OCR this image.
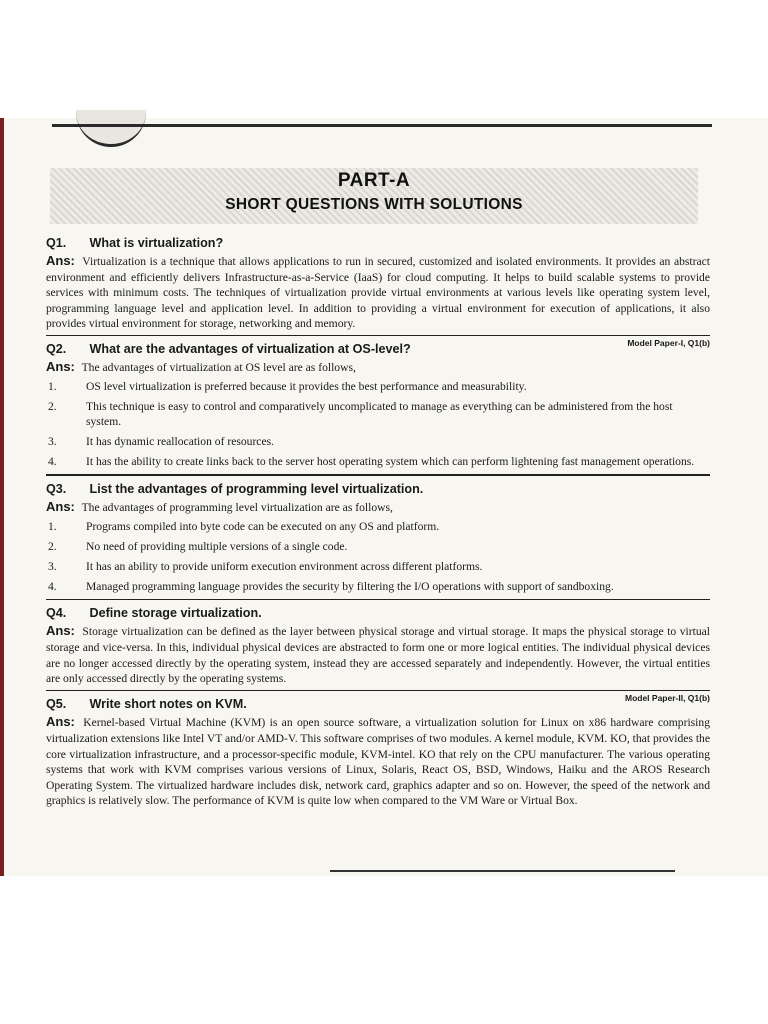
PART-A
SHORT QUESTIONS WITH SOLUTIONS
Q1. What is virtualization?

Ans: Virtualization is a technique that allows applications to run in secured, customized and isolated environments. It provides an abstract environment and efficiently delivers Infrastructure-as-a-Service (IaaS) for cloud computing. It helps to build scalable systems to provide services with minimum costs. The techniques of virtualization provide virtual environments at various levels like operating system level, programming language level and application level. In addition to providing a virtual environment for execution of applications, it also provides virtual environment for storage, networking and memory.

Q2. What are the advantages of virtualization at OS-level?	Model Paper-I, Q1(b)
Ans: The advantages of virtualization at OS level are as follows,
1.	OS level virtualization is preferred because it provides the best performance and measurability.
2.	This technique is easy to control and comparatively uncomplicated to manage as everything can be administered from the host system.
3.	It has dynamic reallocation of resources.
4.	It has the ability to create links back to the server host operating system which can perform lightening fast management operations.
Q3. List the advantages of programming level virtualization.
Ans: The advantages of programming level virtualization are as follows,
1.	Programs compiled into byte code can be executed on any OS and platform.
2.	No need of providing multiple versions of a single code.
3.	It has an ability to provide uniform execution environment across different platforms.
4.	Managed programming language provides the security by filtering the I/O operations with support of sandboxing.
Q4. Define storage virtualization.

Ans: Storage virtualization can be defined as the layer between physical storage and virtual storage. It maps the physical storage to virtual storage and vice-versa. In this, individual physical devices are abstracted to form one or more logical entities. The individual physical devices are no longer accessed directly by the operating system, instead they are accessed separately and independently. However, the virtual entities are only accessed directly by the operating systems.

Q5. Write short notes on KVM.	Model Paper-II, Q1(b)

Ans: Kernel-based Virtual Machine (KVM) is an open source software, a virtualization solution for Linux on x86 hardware comprising virtualization extensions like Intel VT and/or AMD-V. This software comprises of two modules. A kernel module, KVM. KO, that provides the core virtualization infrastructure, and a processor-specific module, KVM-intel. KO that rely on the CPU manufacturer. The various operating systems that work with KVM comprises various versions of Linux, Solaris, React OS, BSD, Windows, Haiku and the AROS Research Operating System. The virtualized hardware includes disk, network card, graphics adapter and so on. However, the speed of the network and graphics is relatively slow. The performance of KVM is quite low when compared to the VM Ware or Virtual Box.
